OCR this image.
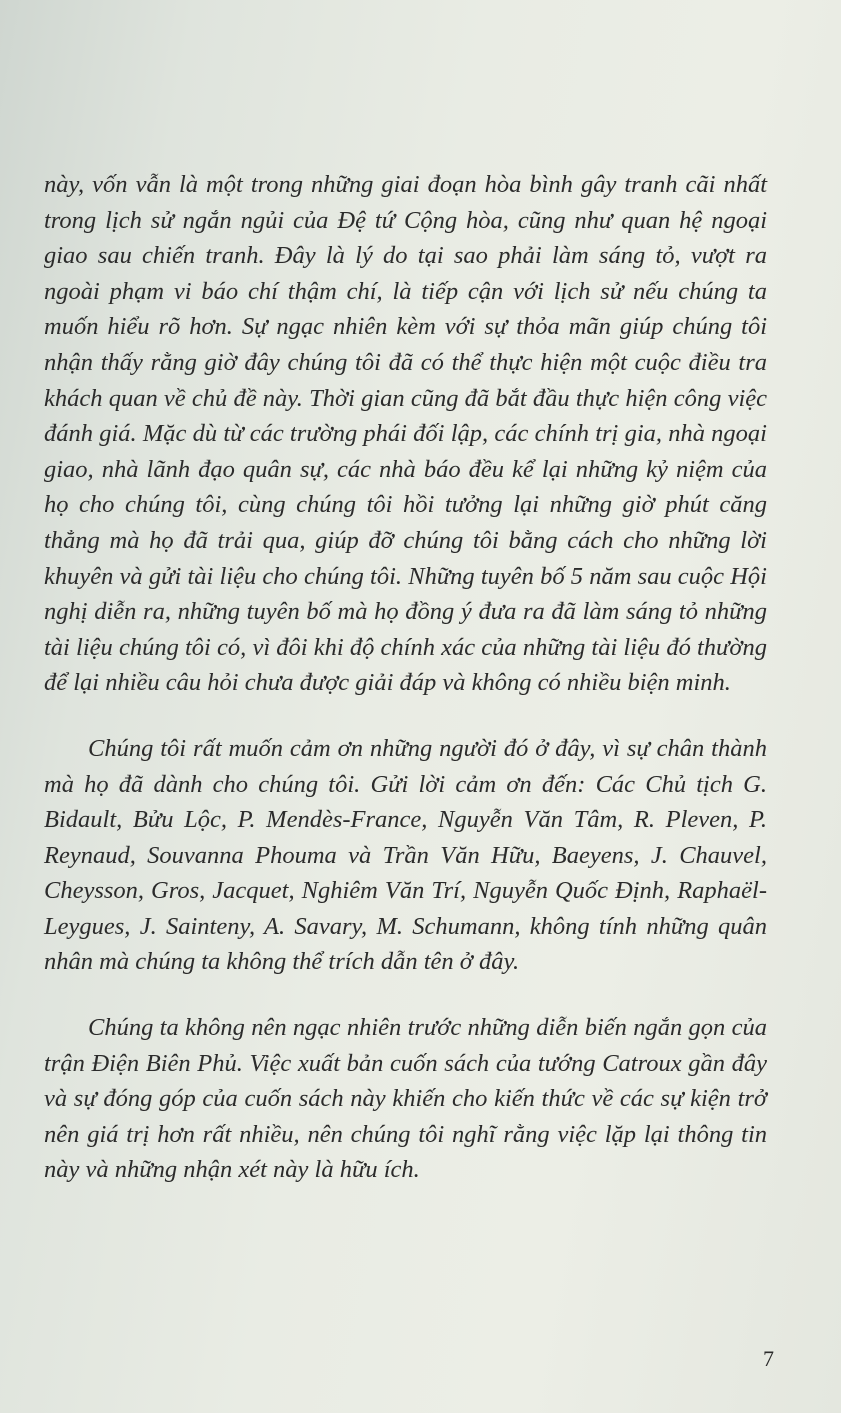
này, vốn vẫn là một trong những giai đoạn hòa bình gây tranh cãi nhất trong lịch sử ngắn ngủi của Đệ tứ Cộng hòa, cũng như quan hệ ngoại giao sau chiến tranh. Đây là lý do tại sao phải làm sáng tỏ, vượt ra ngoài phạm vi báo chí thậm chí, là tiếp cận với lịch sử nếu chúng ta muốn hiểu rõ hơn. Sự ngạc nhiên kèm với sự thỏa mãn giúp chúng tôi nhận thấy rằng giờ đây chúng tôi đã có thể thực hiện một cuộc điều tra khách quan về chủ đề này. Thời gian cũng đã bắt đầu thực hiện công việc đánh giá. Mặc dù từ các trường phái đối lập, các chính trị gia, nhà ngoại giao, nhà lãnh đạo quân sự, các nhà báo đều kể lại những kỷ niệm của họ cho chúng tôi, cùng chúng tôi hồi tưởng lại những giờ phút căng thẳng mà họ đã trải qua, giúp đỡ chúng tôi bằng cách cho những lời khuyên và gửi tài liệu cho chúng tôi. Những tuyên bố 5 năm sau cuộc Hội nghị diễn ra, những tuyên bố mà họ đồng ý đưa ra đã làm sáng tỏ những tài liệu chúng tôi có, vì đôi khi độ chính xác của những tài liệu đó thường để lại nhiều câu hỏi chưa được giải đáp và không có nhiều biện minh.

Chúng tôi rất muốn cảm ơn những người đó ở đây, vì sự chân thành mà họ đã dành cho chúng tôi. Gửi lời cảm ơn đến: Các Chủ tịch G. Bidault, Bửu Lộc, P. Mendès-France, Nguyễn Văn Tâm, R. Pleven, P. Reynaud, Souvanna Phouma và Trần Văn Hữu, Baeyens, J. Chauvel, Cheysson, Gros, Jacquet, Nghiêm Văn Trí, Nguyễn Quốc Định, Raphaël-Leygues, J. Sainteny, A. Savary, M. Schumann, không tính những quân nhân mà chúng ta không thể trích dẫn tên ở đây.

Chúng ta không nên ngạc nhiên trước những diễn biến ngắn gọn của trận Điện Biên Phủ. Việc xuất bản cuốn sách của tướng Catroux gần đây và sự đóng góp của cuốn sách này khiến cho kiến thức về các sự kiện trở nên giá trị hơn rất nhiều, nên chúng tôi nghĩ rằng việc lặp lại thông tin này và những nhận xét này là hữu ích.

7
